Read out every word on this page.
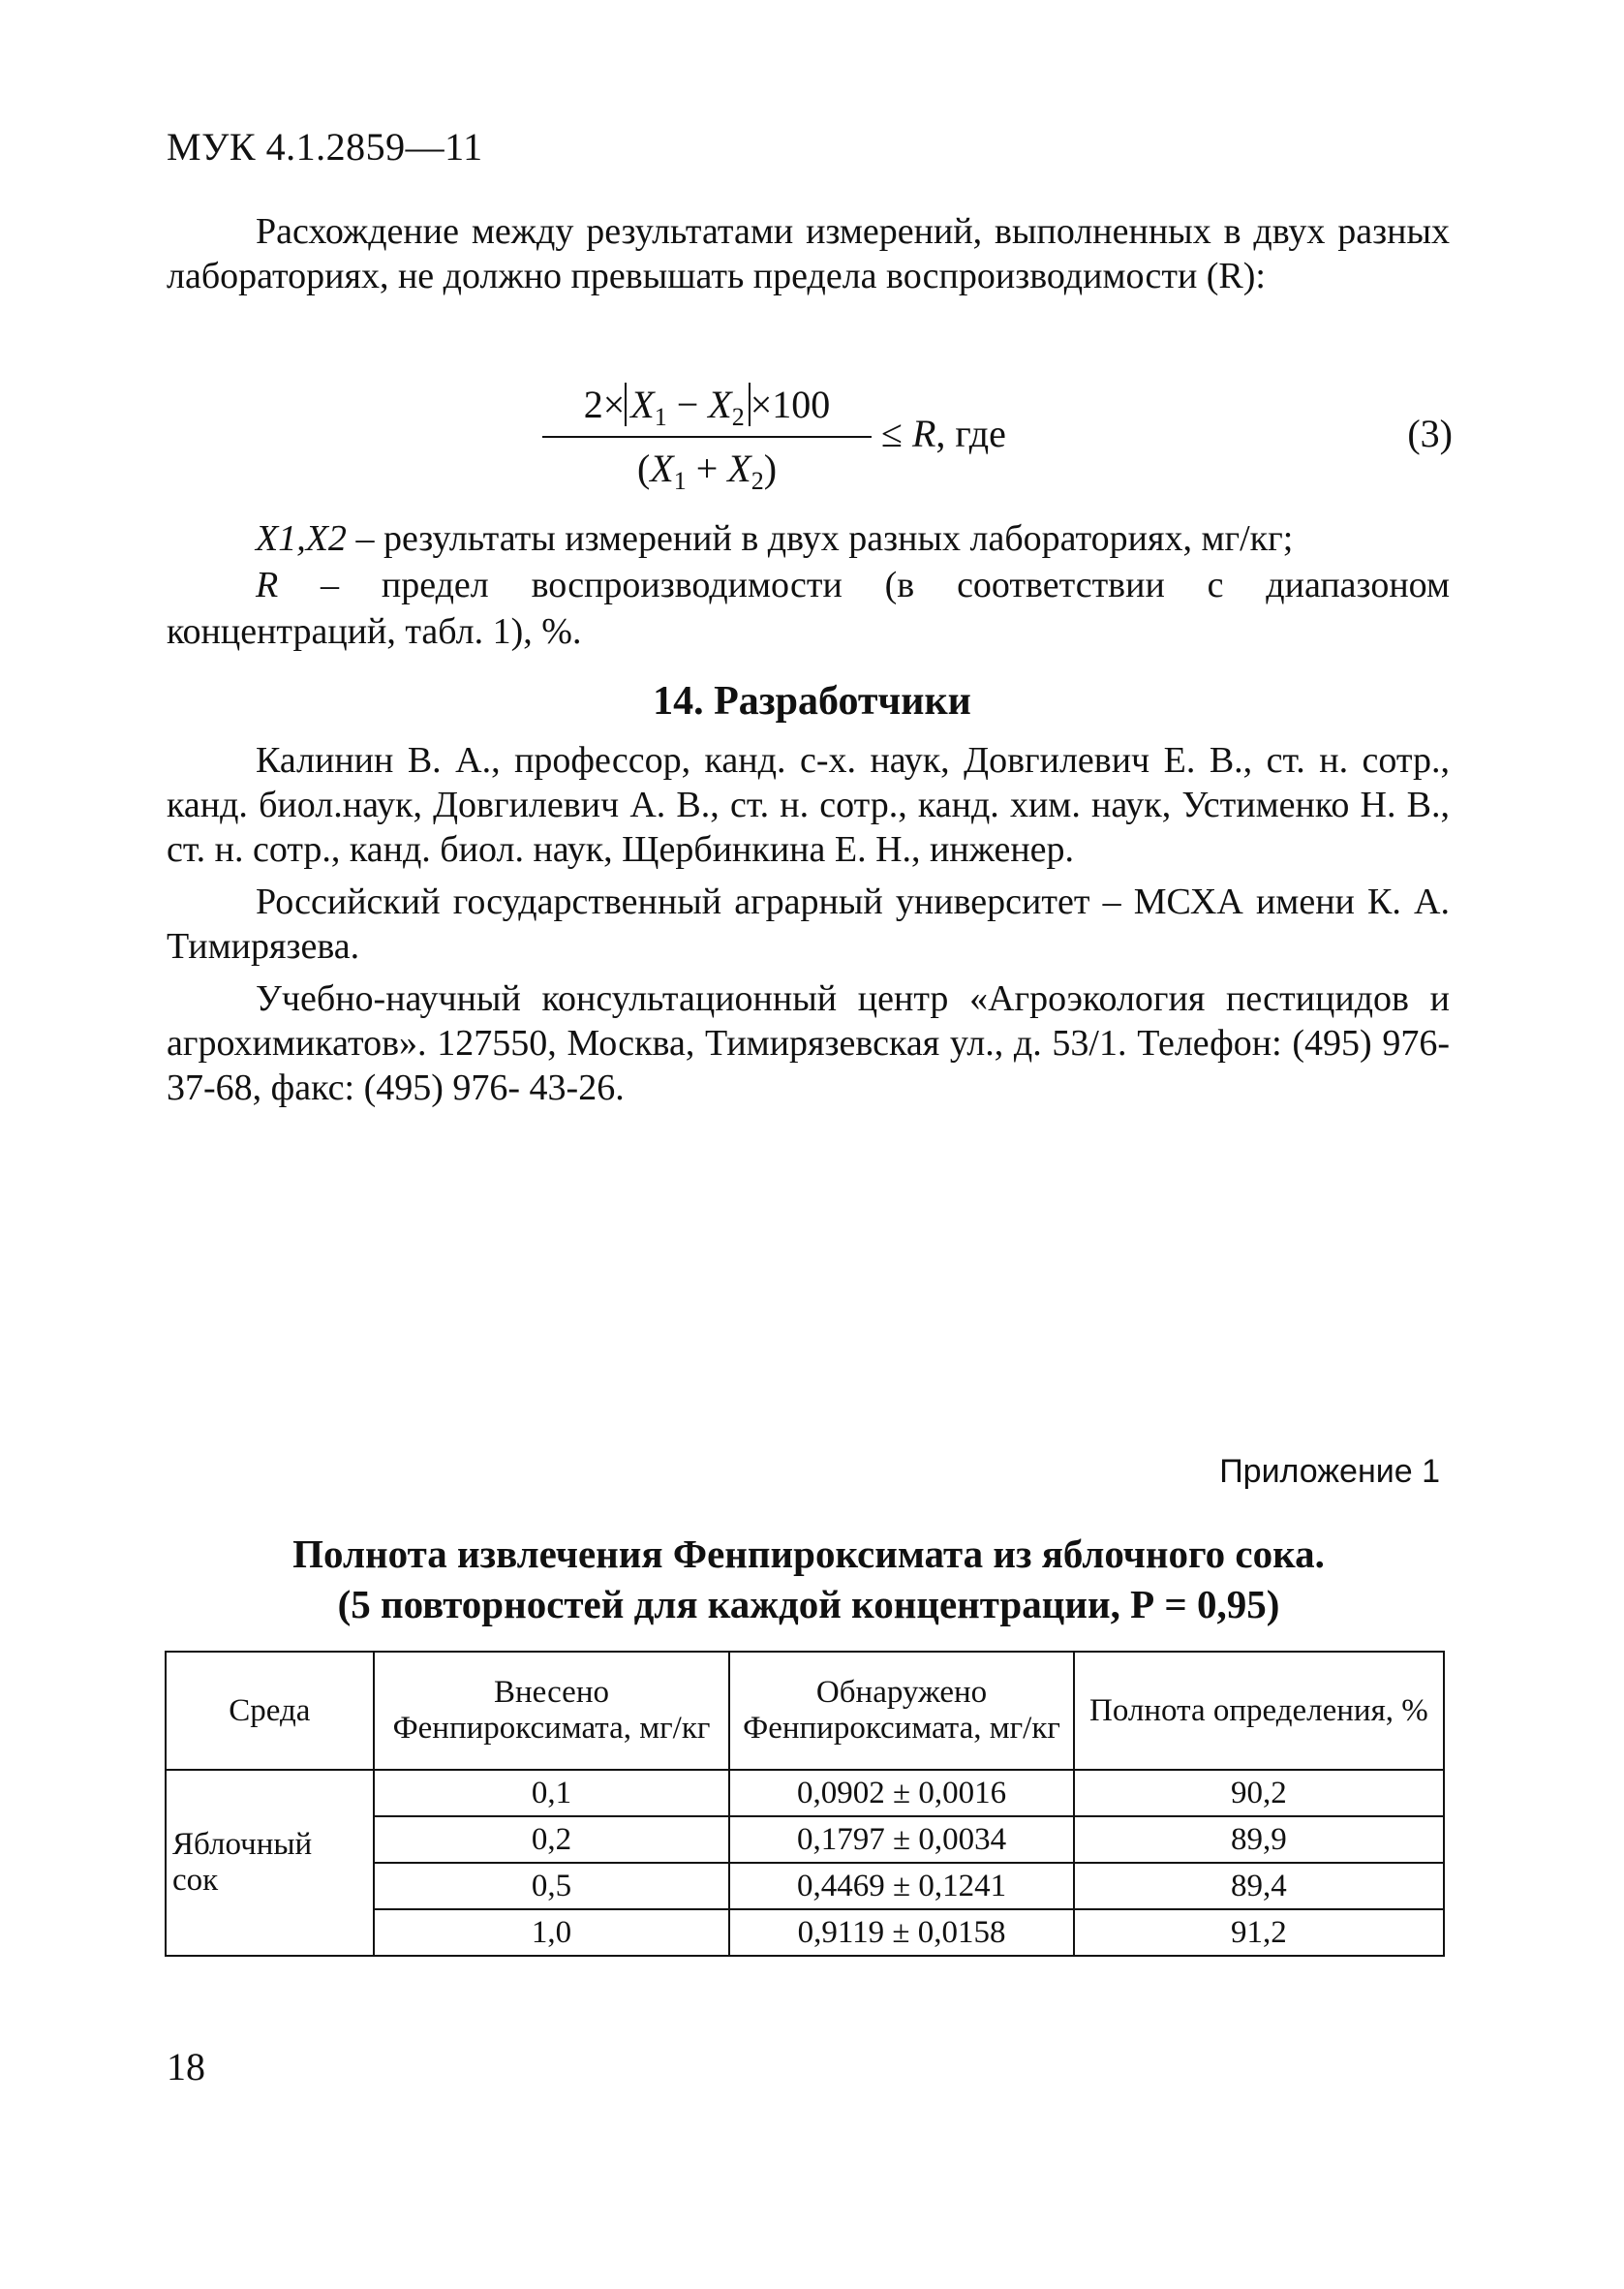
МУК 4.1.2859—11

Расхождение между результатами измерений, выполненных в двух разных лабораториях, не должно превышать предела воспроизводимости (R):

$2\times X_1 - X_2 \times 100$
$(X_1 + X_2)$
≤ R, где	(3)

X1,X2 – результаты измерений в двух разных лабораториях, мг/кг;

R – предел воспроизводимости (в соответствии с диапазоном концентраций, табл. 1), %.

14. Разработчики

Калинин В. А., профессор, канд. с-х. наук, Довгилевич Е. В., ст. н. сотр., канд. биол.наук, Довгилевич А. В., ст. н. сотр., канд. хим. наук, Устименко Н. В., ст. н. сотр., канд. биол. наук, Щербинкина Е. Н., инженер.

Российский государственный аграрный университет – МСХА имени К. А. Тимирязева.

Учебно-научный консультационный центр «Агроэкология пестицидов и агрохимикатов». 127550, Москва, Тимирязевская ул., д. 53/1. Телефон: (495) 976-37-68, факс: (495) 976- 43-26.

Приложение 1
Полнота извлечения Фенпироксимата из яблочного сока.
(5 повторностей для каждой концентрации, Р = 0,95)
Среда	Внесено Фенпироксимата, мг/кг	Обнаружено Фенпироксимата, мг/кг	Полнота определения, %
Яблочный сок	0,1	0,0902 ± 0,0016	90,2
	0,2	0,1797 ± 0,0034	89,9
	0,5	0,4469 ± 0,1241	89,4
	1,0	0,9119 ± 0,0158	91,2
18
